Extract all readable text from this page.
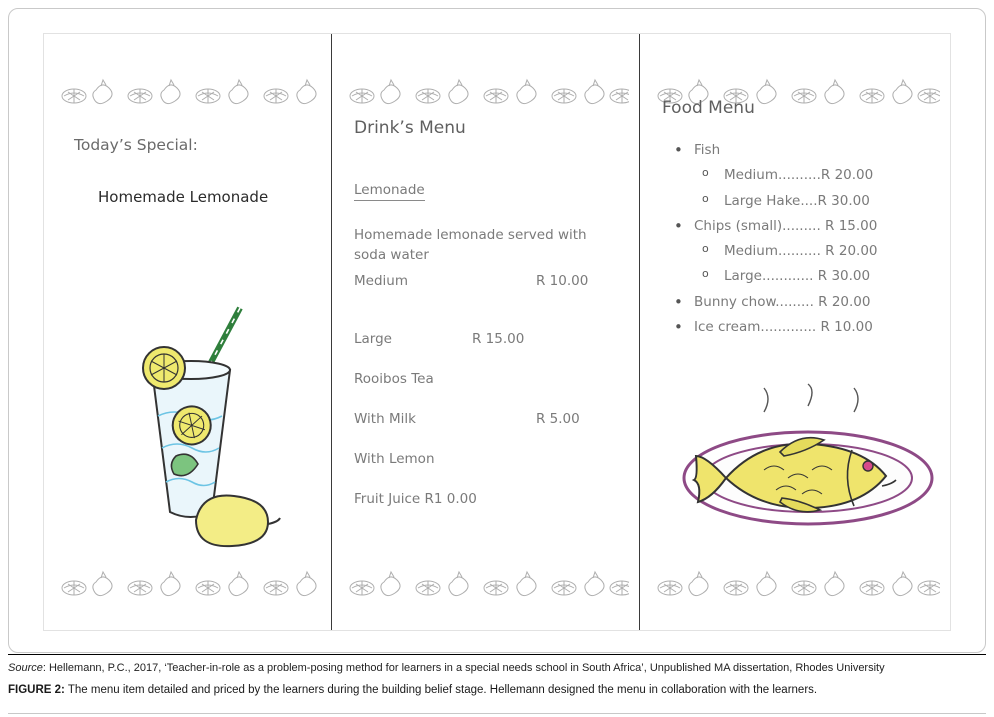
Today’s Special:
Homemade Lemonade
Drink’s Menu
Lemonade
Homemade lemonade served with soda water
Medium	R 10.00
Large	R 15.00
Rooibos Tea
With Milk	R 5.00
With Lemon
Fruit Juice R1 0.00
Food Menu
• Fish
o Medium..........R 20.00
o Large Hake....R 30.00
• Chips (small)......... R 15.00
o Medium.......... R 20.00
o Large............ R 30.00
• Bunny chow......... R 20.00
• Ice cream............. R 10.00
Source: Hellemann, P.C., 2017, ‘Teacher-in-role as a problem-posing method for learners in a special needs school in South Africa’, Unpublished MA dissertation, Rhodes University
FIGURE 2: The menu item detailed and priced by the learners during the building belief stage. Hellemann designed the menu in collaboration with the learners.
